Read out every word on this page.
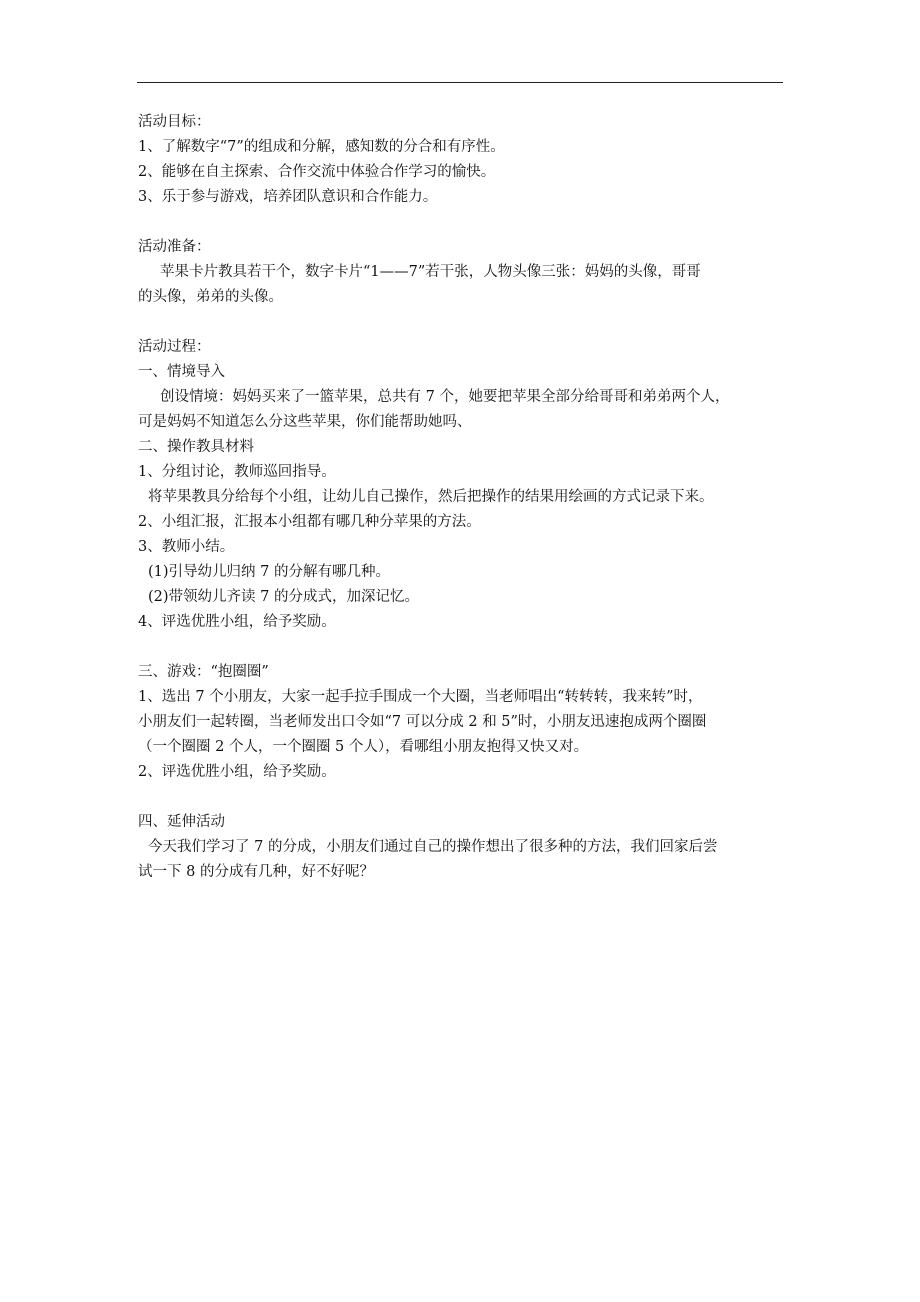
活动目标：
1、了解数字“7”的组成和分解，感知数的分合和有序性。
2、能够在自主探索、合作交流中体验合作学习的愉快。
3、乐于参与游戏，培养团队意识和合作能力。
活动准备：
苹果卡片教具若干个，数字卡片“1——7”若干张，人物头像三张：妈妈的头像，哥哥
的头像，弟弟的头像。
活动过程：
一、情境导入
创设情境：妈妈买来了一篮苹果，总共有 7 个，她要把苹果全部分给哥哥和弟弟两个人，
可是妈妈不知道怎么分这些苹果，你们能帮助她吗、
二、操作教具材料
1、分组讨论，教师巡回指导。
将苹果教具分给每个小组，让幼儿自己操作，然后把操作的结果用绘画的方式记录下来。
2、小组汇报，汇报本小组都有哪几种分苹果的方法。
3、教师小结。
(1)引导幼儿归纳 7 的分解有哪几种。
(2)带领幼儿齐读 7 的分成式，加深记忆。
4、评选优胜小组，给予奖励。
三、游戏：“抱圈圈”
1、选出 7 个小朋友，大家一起手拉手围成一个大圈，当老师唱出“转转转，我来转”时，
小朋友们一起转圈，当老师发出口令如“7 可以分成 2 和 5”时，小朋友迅速抱成两个圈圈
（一个圈圈 2 个人，一个圈圈 5 个人），看哪组小朋友抱得又快又对。
2、评选优胜小组，给予奖励。
四、延伸活动
今天我们学习了 7 的分成，小朋友们通过自己的操作想出了很多种的方法，我们回家后尝
试一下 8 的分成有几种，好不好呢？
